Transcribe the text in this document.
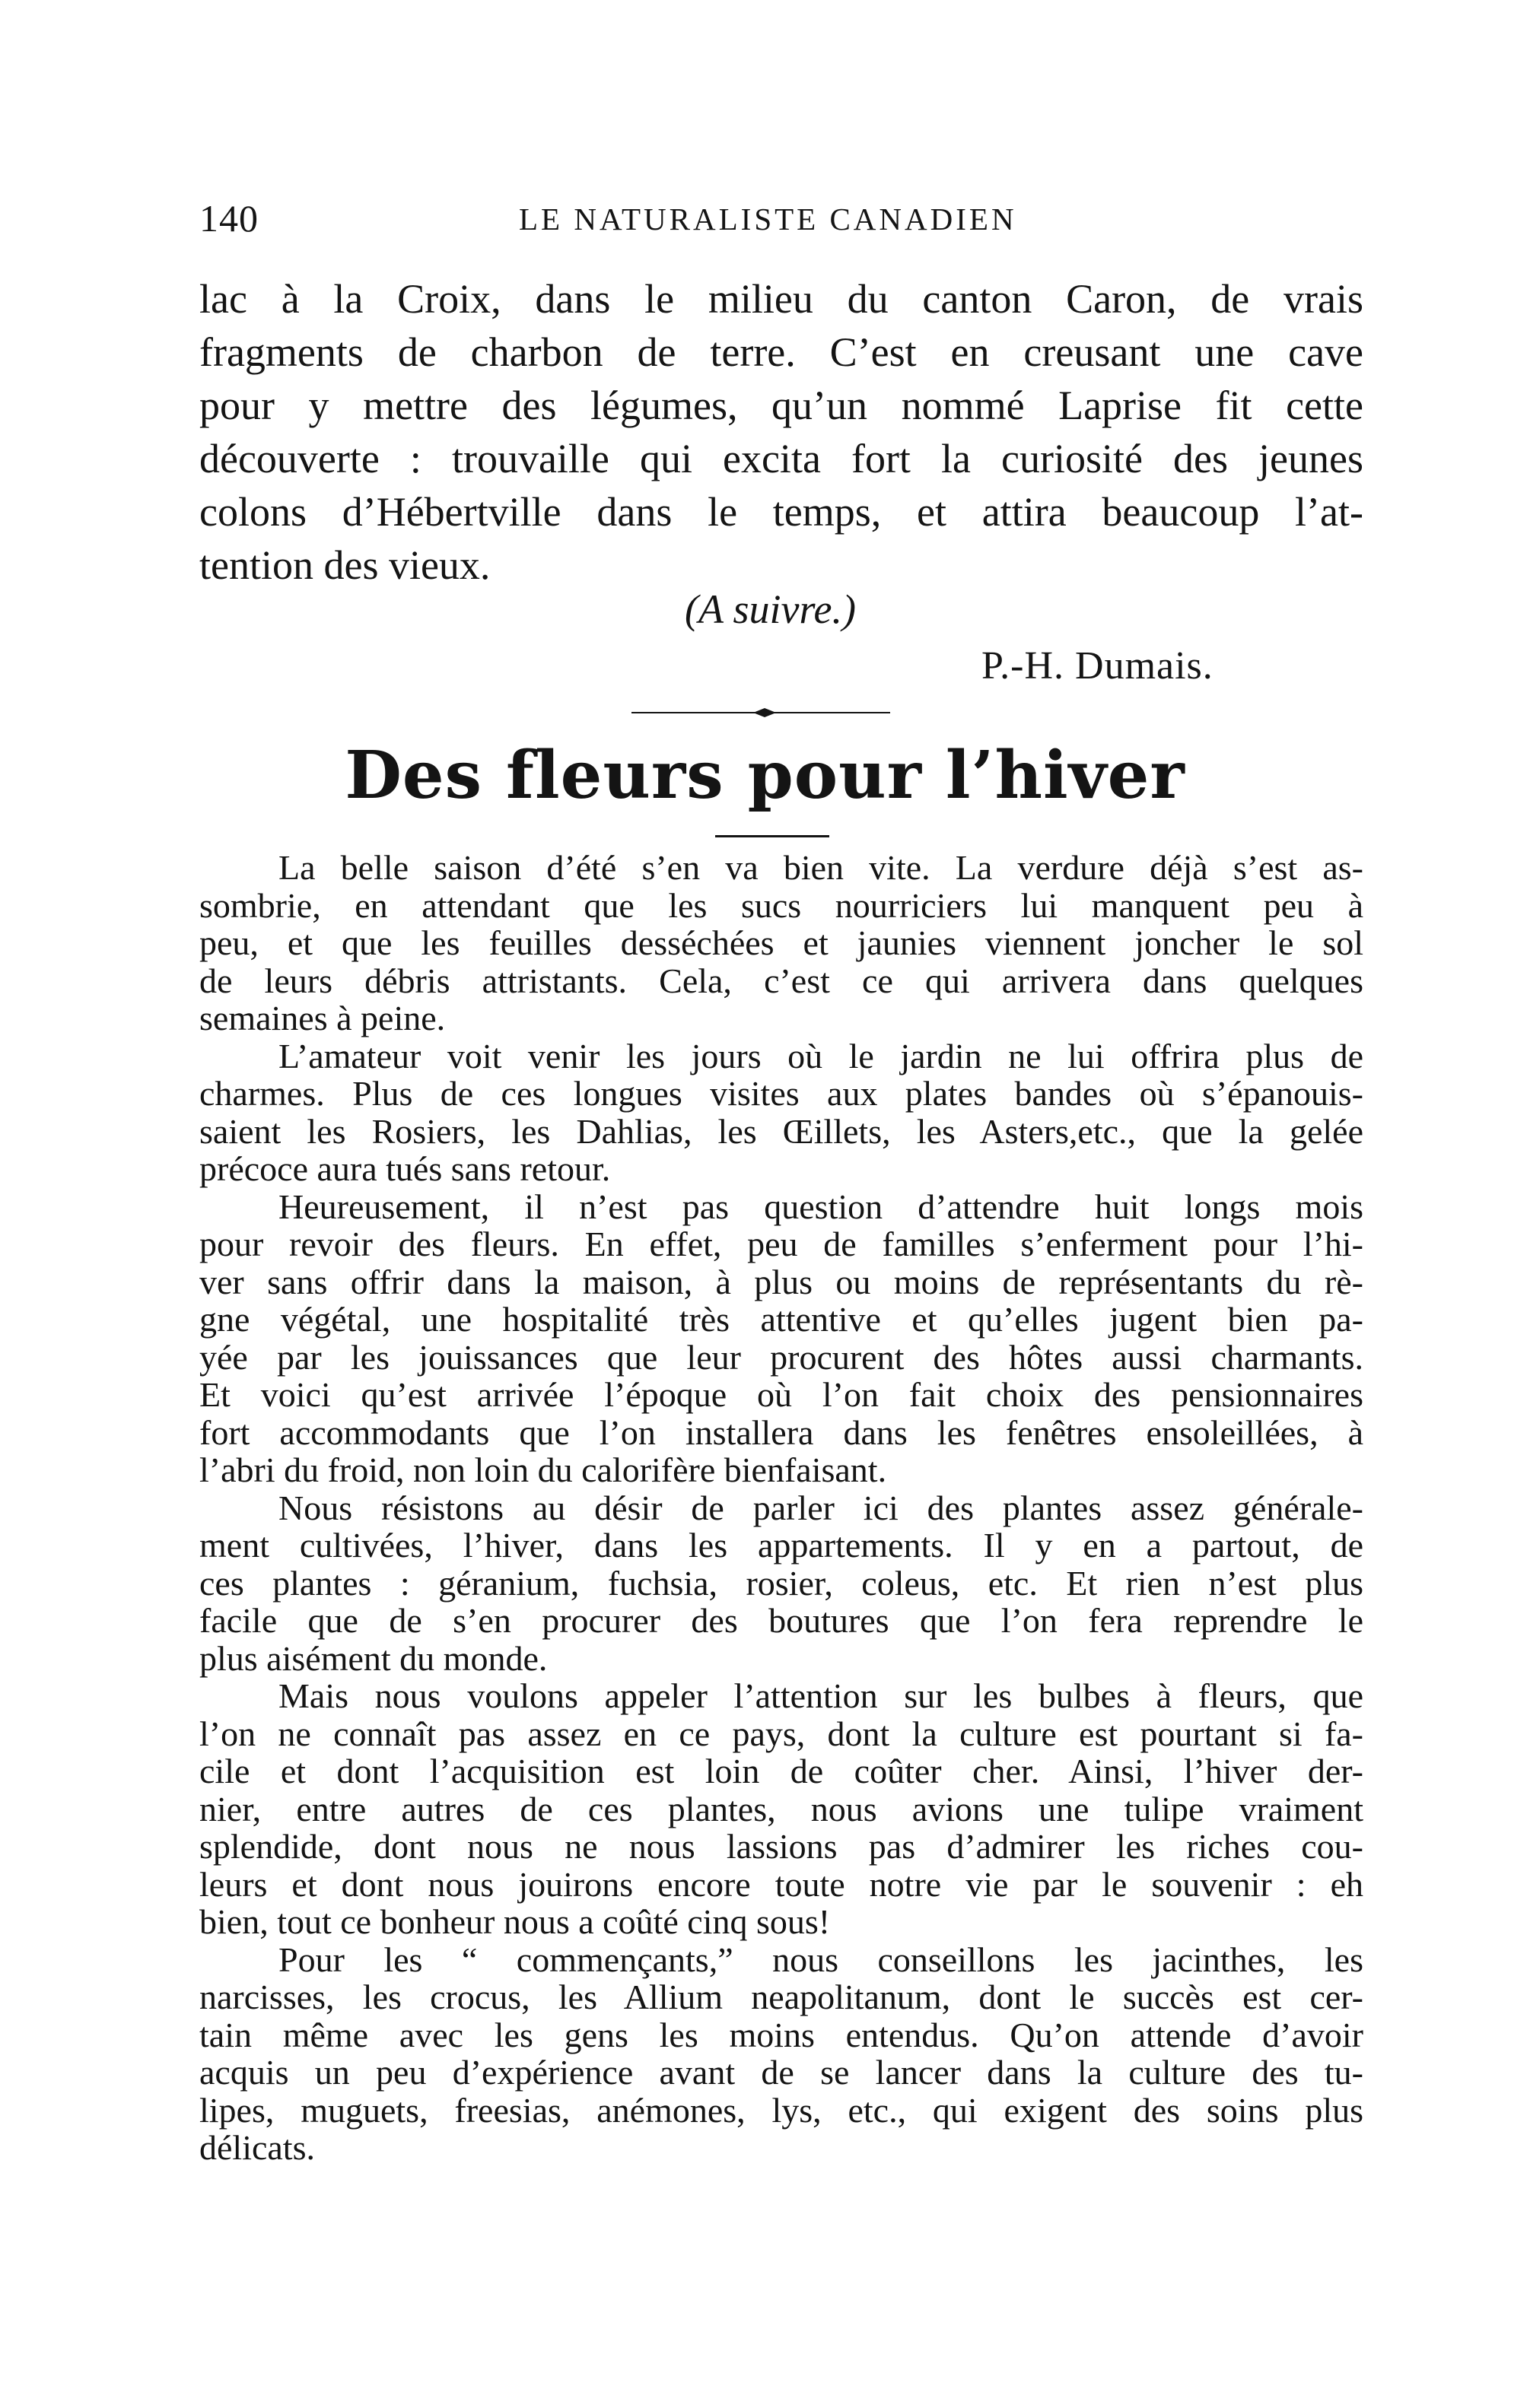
140	LE NATURALISTE CANADIEN
lac à la Croix, dans le milieu du canton Caron, de vrais
fragments de charbon de terre. C’est en creusant une cave
pour y mettre des légumes, qu’un nommé Laprise fit cette
découverte : trouvaille qui excita fort la curiosité des jeunes
colons d’Hébertville dans le temps, et attira beaucoup l’at-
tention des vieux.
(A suivre.)
P.-H. Dumais.
Des fleurs pour l’hiver
La belle saison d’été s’en va bien vite. La verdure déjà s’est as-
sombrie, en attendant que les sucs nourriciers lui manquent peu à
peu, et que les feuilles desséchées et jaunies viennent joncher le sol
de leurs débris attristants. Cela, c’est ce qui arrivera dans quelques
semaines à peine.
L’amateur voit venir les jours où le jardin ne lui offrira plus de
charmes. Plus de ces longues visites aux plates bandes où s’épanouis-
saient les Rosiers, les Dahlias, les Œillets, les Asters,etc., que la gelée
précoce aura tués sans retour.
Heureusement, il n’est pas question d’attendre huit longs mois
pour revoir des fleurs. En effet, peu de familles s’enferment pour l’hi-
ver sans offrir dans la maison, à plus ou moins de représentants du rè-
gne végétal, une hospitalité très attentive et qu’elles jugent bien pa-
yée par les jouissances que leur procurent des hôtes aussi charmants.
Et voici qu’est arrivée l’époque où l’on fait choix des pensionnaires
fort accommodants que l’on installera dans les fenêtres ensoleillées, à
l’abri du froid, non loin du calorifère bienfaisant.
Nous résistons au désir de parler ici des plantes assez générale-
ment cultivées, l’hiver, dans les appartements. Il y en a partout, de
ces plantes : géranium, fuchsia, rosier, coleus, etc. Et rien n’est plus
facile que de s’en procurer des boutures que l’on fera reprendre le
plus aisément du monde.
Mais nous voulons appeler l’attention sur les bulbes à fleurs, que
l’on ne connaît pas assez en ce pays, dont la culture est pourtant si fa-
cile et dont l’acquisition est loin de coûter cher. Ainsi, l’hiver der-
nier, entre autres de ces plantes, nous avions une tulipe vraiment
splendide, dont nous ne nous lassions pas d’admirer les riches cou-
leurs et dont nous jouirons encore toute notre vie par le souvenir : eh
bien, tout ce bonheur nous a coûté cinq sous!
Pour les “ commençants,” nous conseillons les jacinthes, les
narcisses, les crocus, les Allium neapolitanum, dont le succès est cer-
tain même avec les gens les moins entendus. Qu’on attende d’avoir
acquis un peu d’expérience avant de se lancer dans la culture des tu-
lipes, muguets, freesias, anémones, lys, etc., qui exigent des soins plus
délicats.
